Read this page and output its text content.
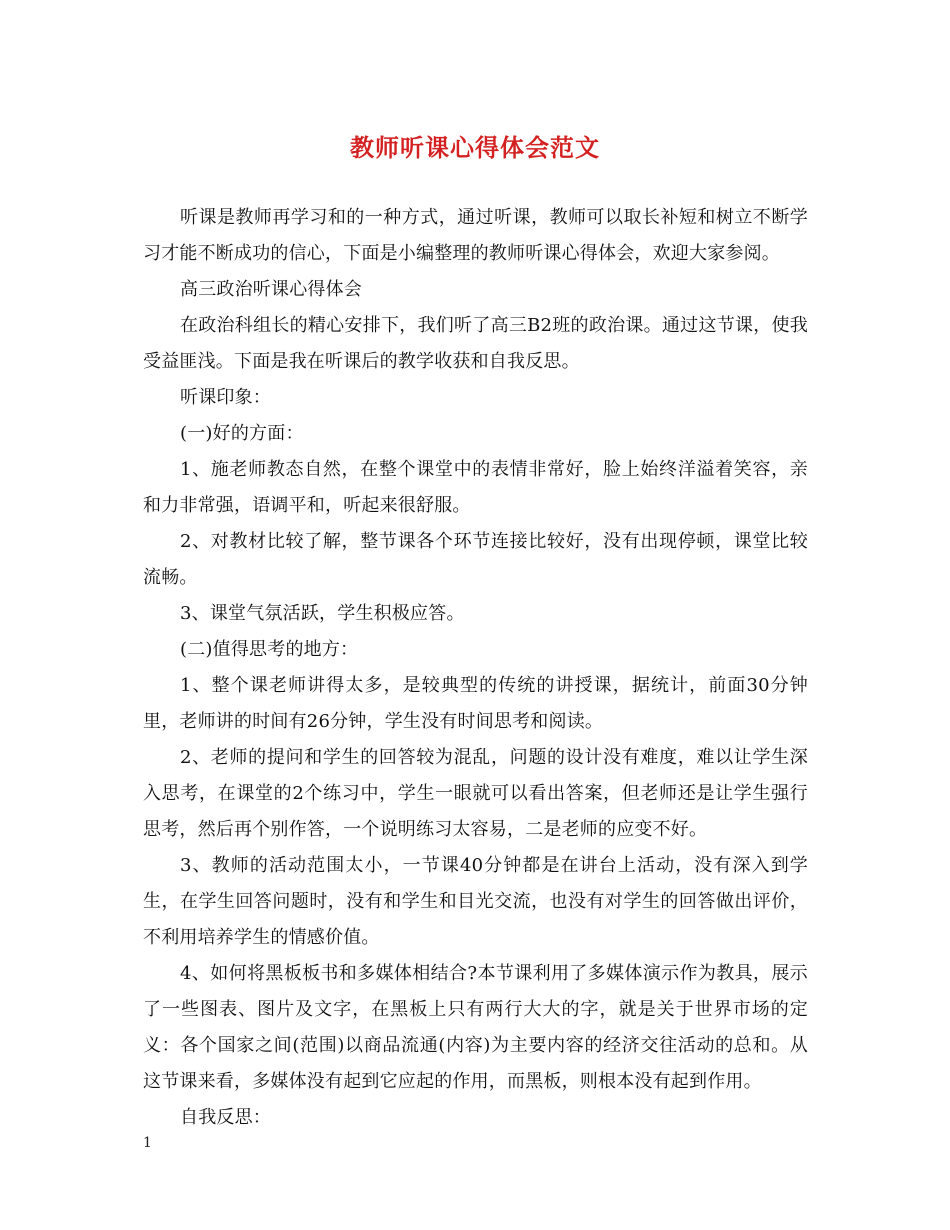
教师听课心得体会范文

听课是教师再学习和的一种方式，通过听课，教师可以取长补短和树立不断学习才能不断成功的信心，下面是小编整理的教师听课心得体会，欢迎大家参阅。

高三政治听课心得体会

在政治科组长的精心安排下，我们听了高三B2班的政治课。通过这节课，使我受益匪浅。下面是我在听课后的教学收获和自我反思。

听课印象：

(一)好的方面：

1、施老师教态自然，在整个课堂中的表情非常好，脸上始终洋溢着笑容，亲和力非常强，语调平和，听起来很舒服。

2、对教材比较了解，整节课各个环节连接比较好，没有出现停顿，课堂比较流畅。

3、课堂气氛活跃，学生积极应答。

(二)值得思考的地方：

1、整个课老师讲得太多，是较典型的传统的讲授课，据统计，前面30分钟里，老师讲的时间有26分钟，学生没有时间思考和阅读。

2、老师的提问和学生的回答较为混乱，问题的设计没有难度，难以让学生深入思考，在课堂的2个练习中，学生一眼就可以看出答案，但老师还是让学生强行思考，然后再个别作答，一个说明练习太容易，二是老师的应变不好。

3、教师的活动范围太小，一节课40分钟都是在讲台上活动，没有深入到学生，在学生回答问题时，没有和学生和目光交流，也没有对学生的回答做出评价，不利用培养学生的情感价值。

4、如何将黑板板书和多媒体相结合?本节课利用了多媒体演示作为教具，展示了一些图表、图片及文字，在黑板上只有两行大大的字，就是关于世界市场的定义：各个国家之间(范围)以商品流通(内容)为主要内容的经济交往活动的总和。从这节课来看，多媒体没有起到它应起的作用，而黑板，则根本没有起到作用。

自我反思：

1
